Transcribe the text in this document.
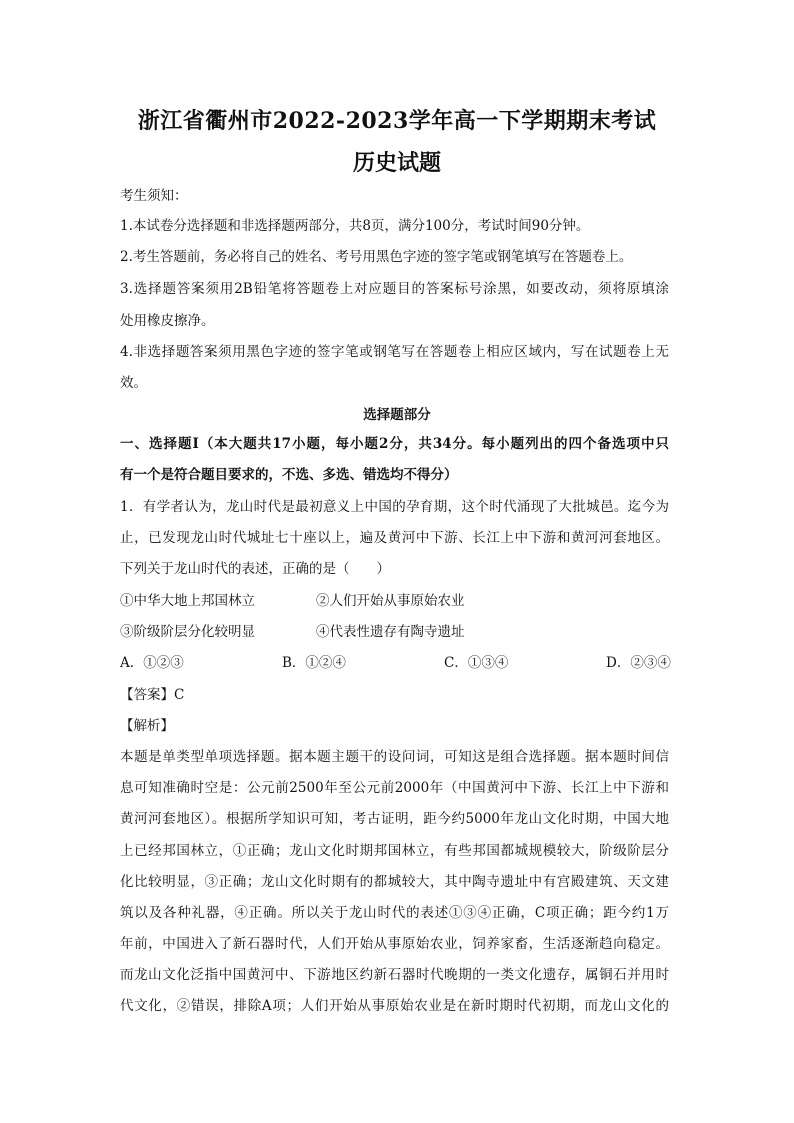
浙江省衢州市2022-2023学年高一下学期期末考试
历史试题
考生须知：
1.本试卷分选择题和非选择题两部分，共8页，满分100分，考试时间90分钟。
2.考生答题前，务必将自己的姓名、考号用黑色字迹的签字笔或钢笔填写在答题卷上。
3.选择题答案须用2B铅笔将答题卷上对应题目的答案标号涂黑，如要改动，须将原填涂
处用橡皮擦净。
4.非选择题答案须用黑色字迹的签字笔或钢笔写在答题卷上相应区域内，写在试题卷上无
效。
选择题部分
一、选择题Ⅰ（本大题共17小题，每小题2分，共34分。每小题列出的四个备选项中只
有一个是符合题目要求的，不选、多选、错选均不得分）
1．有学者认为，龙山时代是最初意义上中国的孕育期，这个时代涌现了大批城邑。迄今为
止，已发现龙山时代城址七十座以上，遍及黄河中下游、长江上中下游和黄河河套地区。
下列关于龙山时代的表述，正确的是（　　）
①中华大地上邦国林立	②人们开始从事原始农业
③阶级阶层分化较明显	④代表性遗存有陶寺遗址
A．①②③	B．①②④	C．①③④	D．②③④
【答案】C
【解析】
本题是单类型单项选择题。据本题主题干的设问词，可知这是组合选择题。据本题时间信
息可知准确时空是：公元前2500年至公元前2000年（中国黄河中下游、长江上中下游和
黄河河套地区）。根据所学知识可知，考古证明，距今约5000年龙山文化时期，中国大地
上已经邦国林立，①正确；龙山文化时期邦国林立，有些邦国都城规模较大，阶级阶层分
化比较明显，③正确；龙山文化时期有的都城较大，其中陶寺遗址中有宫殿建筑、天文建
筑以及各种礼器，④正确。所以关于龙山时代的表述①③④正确，C项正确；距今约1万
年前，中国进入了新石器时代，人们开始从事原始农业，饲养家畜，生活逐渐趋向稳定。
而龙山文化泛指中国黄河中、下游地区约新石器时代晚期的一类文化遗存，属铜石并用时
代文化，②错误，排除A项；人们开始从事原始农业是在新时期时代初期，而龙山文化的
